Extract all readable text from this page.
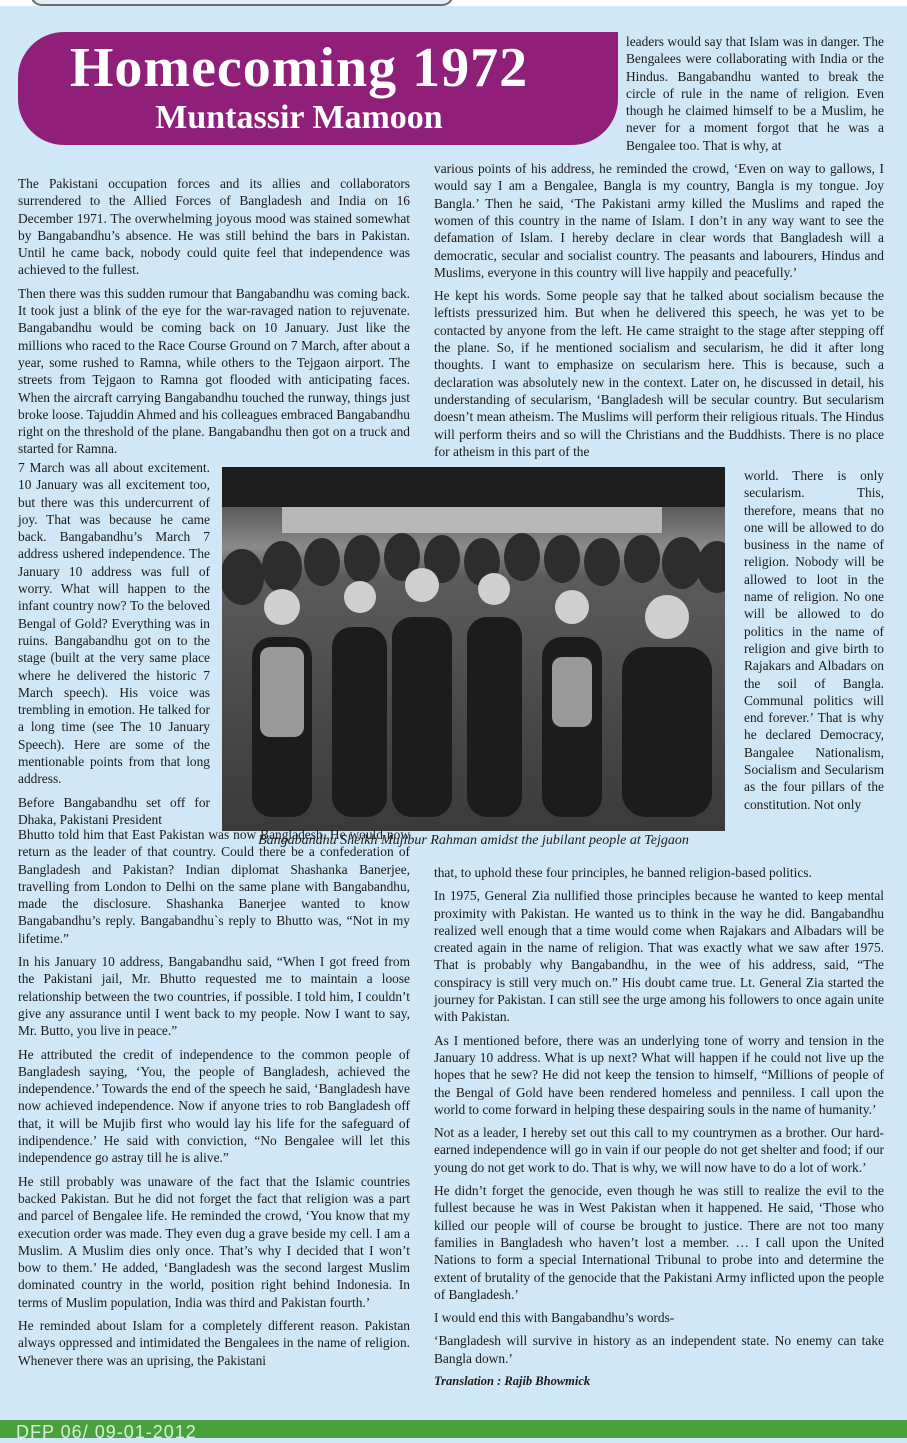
Homecoming 1972
Muntassir Mamoon

The Pakistani occupation forces and its allies and collaborators surrendered to the Allied Forces of Bangladesh and India on 16 December 1971. The overwhelming joyous mood was stained somewhat by Bangabandhu’s absence. He was still behind the bars in Pakistan. Until he came back, nobody could quite feel that independence was achieved to the fullest.

Then there was this sudden rumour that Bangabandhu was coming back. It took just a blink of the eye for the war-ravaged nation to rejuvenate. Bangabandhu would be coming back on 10 January. Just like the millions who raced to the Race Course Ground on 7 March, after about a year, some rushed to Ramna, while others to the Tejgaon airport. The streets from Tejgaon to Ramna got flooded with anticipating faces. When the aircraft carrying Bangabandhu touched the runway, things just broke loose. Tajuddin Ahmed and his colleagues embraced Bangabandhu right on the threshold of the plane. Bangabandhu then got on a truck and started for Ramna.

7 March was all about excitement. 10 January was all excitement too, but there was this undercurrent of joy. That was because he came back. Bangabandhu’s March 7 address ushered independence. The January 10 address was full of worry. What will happen to the infant country now? To the beloved Bengal of Gold? Everything was in ruins. Bangabandhu got on to the stage (built at the very same place where he delivered the historic 7 March speech). His voice was trembling in emotion. He talked for a long time (see The 10 January Speech). Here are some of the mentionable points from that long address.

Before Bangabandhu set off for Dhaka, Pakistani President

Bangabandhu Sheikh Mujibur Rahman amidst the jubilant people at Tejgaon

Bhutto told him that East Pakistan was now Bangladesh. He would now return as the leader of that country. Could there be a confederation of Bangladesh and Pakistan? Indian diplomat Shashanka Banerjee, travelling from London to Delhi on the same plane with Bangabandhu, made the disclosure. Shashanka Banerjee wanted to know Bangabandhu’s reply. Bangabandhu`s reply to Bhutto was, “Not in my lifetime.”

In his January 10 address, Bangabandhu said, “When I got freed from the Pakistani jail, Mr. Bhutto requested me to maintain a loose relationship between the two countries, if possible. I told him, I couldn’t give any assurance until I went back to my people. Now I want to say, Mr. Butto, you live in peace.”

He attributed the credit of independence to the common people of Bangladesh saying, ‘You, the people of Bangladesh, achieved the independence.’ Towards the end of the speech he said, ‘Bangladesh have now achieved independence. Now if anyone tries to rob Bangladesh off that, it will be Mujib first who would lay his life for the safeguard of indipendence.’ He said with conviction, “No Bengalee will let this independence go astray till he is alive.”

He still probably was unaware of the fact that the Islamic countries backed Pakistan. But he did not forget the fact that religion was a part and parcel of Bengalee life. He reminded the crowd, ‘You know that my execution order was made. They even dug a grave beside my cell. I am a Muslim. A Muslim dies only once. That’s why I decided that I won’t bow to them.’ He added, ‘Bangladesh was the second largest Muslim dominated country in the world, position right behind Indonesia. In terms of Muslim population, India was third and Pakistan fourth.’

He reminded about Islam for a completely different reason. Pakistan always oppressed and intimidated the Bengalees in the name of religion. Whenever there was an uprising, the Pakistani

leaders would say that Islam was in danger. The Bengalees were collaborating with India or the Hindus. Bangabandhu wanted to break the circle of rule in the name of religion. Even though he claimed himself to be a Muslim, he never for a moment forgot that he was a Bengalee too. That is why, at

various points of his address, he reminded the crowd, ‘Even on way to gallows, I would say I am a Bengalee, Bangla is my country, Bangla is my tongue. Joy Bangla.’ Then he said, ‘The Pakistani army killed the Muslims and raped the women of this country in the name of Islam. I don’t in any way want to see the defamation of Islam. I hereby declare in clear words that Bangladesh will a democratic, secular and socialist country. The peasants and labourers, Hindus and Muslims, everyone in this country will live happily and peacefully.’

He kept his words. Some people say that he talked about socialism because the leftists pressurized him. But when he delivered this speech, he was yet to be contacted by anyone from the left. He came straight to the stage after stepping off the plane. So, if he mentioned socialism and secularism, he did it after long thoughts. I want to emphasize on secularism here. This is because, such a declaration was absolutely new in the context. Later on, he discussed in detail, his understanding of secularism, ‘Bangladesh will be secular country. But secularism doesn’t mean atheism. The Muslims will perform their religious rituals. The Hindus will perform theirs and so will the Christians and the Buddhists. There is no place for atheism in this part of the

world. There is only secularism. This, therefore, means that no one will be allowed to do business in the name of religion. Nobody will be allowed to loot in the name of religion. No one will be allowed to do politics in the name of religion and give birth to Rajakars and Albadars on the soil of Bangla. Communal politics will end forever.’ That is why he declared Democracy, Bangalee Nationalism, Socialism and Secularism as the four pillars of the constitution. Not only

that, to uphold these four principles, he banned religion-based politics.

In 1975, General Zia nullified those principles because he wanted to keep mental proximity with Pakistan. He wanted us to think in the way he did. Bangabandhu realized well enough that a time would come when Rajakars and Albadars will be created again in the name of religion. That was exactly what we saw after 1975. That is probably why Bangabandhu, in the wee of his address, said, “The conspiracy is still very much on.” His doubt came true. Lt. General Zia started the journey for Pakistan. I can still see the urge among his followers to once again unite with Pakistan.

As I mentioned before, there was an underlying tone of worry and tension in the January 10 address. What is up next? What will happen if he could not live up the hopes that he sew? He did not keep the tension to himself, “Millions of people of the Bengal of Gold have been rendered homeless and penniless. I call upon the world to come forward in helping these despairing souls in the name of humanity.’

Not as a leader, I hereby set out this call to my countrymen as a brother. Our hard-earned independence will go in vain if our people do not get shelter and food; if our young do not get work to do. That is why, we will now have to do a lot of work.’

He didn’t forget the genocide, even though he was still to realize the evil to the fullest because he was in West Pakistan when it happened. He said, ‘Those who killed our people will of course be brought to justice. There are not too many families in Bangladesh who haven’t lost a member. … I call upon the United Nations to form a special International Tribunal to probe into and determine the extent of brutality of the genocide that the Pakistani Army inflicted upon the people of Bangladesh.’

I would end this with Bangabandhu’s words-

‘Bangladesh will survive in history as an independent state. No enemy can take Bangla down.’

Translation : Rajib Bhowmick

DFP 06/ 09-01-2012
